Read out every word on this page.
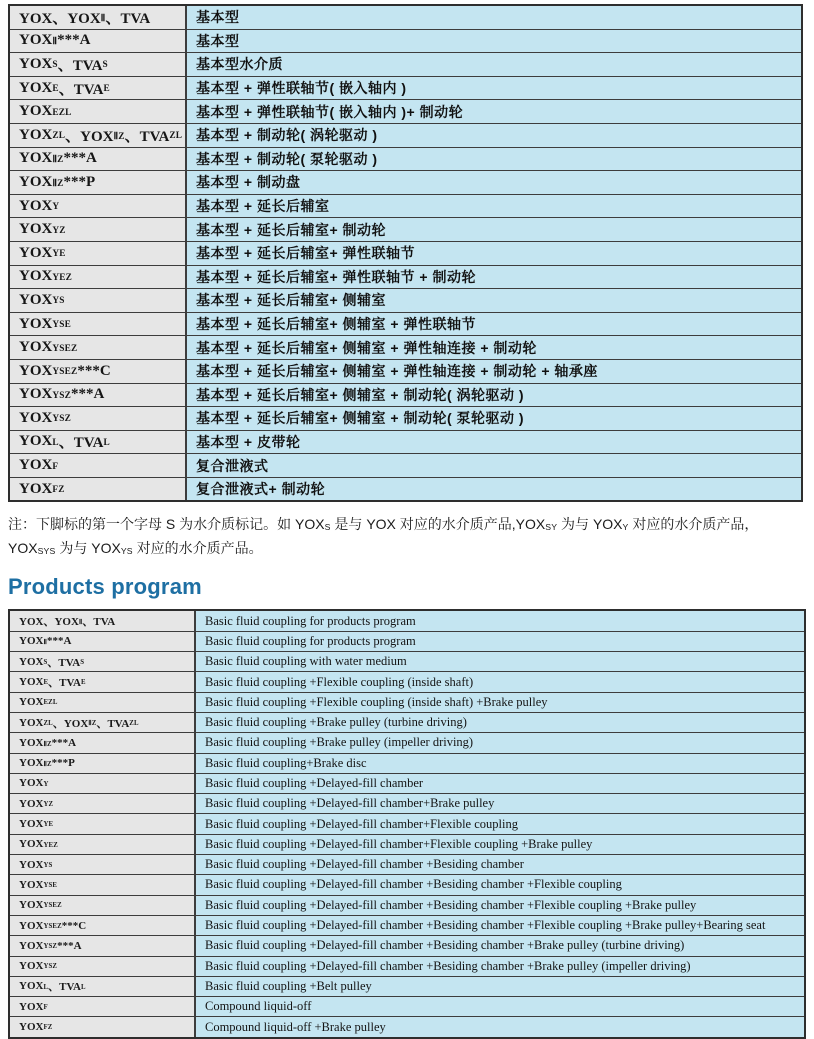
YOX、YOX Ⅱ 、TVA	基本型
YOX Ⅱ ***A	基本型
YOX S 、TVA S	基本型水介质
YOX E 、TVA E	基本型 + 弹性联轴节( 嵌入轴内 )
YOX EZL	基本型 + 弹性联轴节( 嵌入轴内 )+ 制动轮
YOX ZL 、YOX ⅡZ 、TVA ZL 基本型 + 制动轮( 涡轮驱动 )
YOX ⅡZ ***A	基本型 + 制动轮( 泵轮驱动 )
YOX ⅡZ ***P	基本型 + 制动盘
YOX Y	基本型 + 延长后辅室
YOX YZ	基本型 + 延长后辅室+ 制动轮
YOX YE	基本型 + 延长后辅室+ 弹性联轴节
YOX YEZ	基本型 + 延长后辅室+ 弹性联轴节 + 制动轮
YOX YS	基本型 + 延长后辅室+ 侧辅室
YOX YSE	基本型 + 延长后辅室+ 侧辅室 + 弹性联轴节
YOX YSEZ	基本型 + 延长后辅室+ 侧辅室 + 弹性轴连接 + 制动轮
YOX YSEZ ***C	基本型 + 延长后辅室+ 侧辅室 + 弹性轴连接 + 制动轮 + 轴承座
YOX YSZ ***A	基本型 + 延长后辅室+ 侧辅室 + 制动轮( 涡轮驱动 )
YOX YSZ	基本型 + 延长后辅室+ 侧辅室 + 制动轮( 泵轮驱动 )
YOX L 、TVA L	基本型 + 皮带轮
YOX F	复合泄液式
YOX FZ	复合泄液式+ 制动轮

注：下脚标的第一个字母 S 为水介质标记。如 YOXS 是与 YOX 对应的水介质产品,YOXSY 为与 YOXY 对应的水介质产品，

YOXSYS 为与 YOXYS 对应的水介质产品。

Products program
YOX、YOX Ⅱ 、TVA	Basic fluid coupling for products program
YOX Ⅱ ***A	Basic fluid coupling for products program
YOX S 、TVA S	Basic fluid coupling with water medium
YOX E 、TVA E	Basic fluid coupling +Flexible coupling (inside shaft)
YOX EZL	Basic fluid coupling +Flexible coupling (inside shaft) +Brake pulley
YOX ZL 、YOX ⅡZ 、TVA ZL	Basic fluid coupling +Brake pulley (turbine driving)
YOX ⅡZ ***A	Basic fluid coupling +Brake pulley (impeller driving)
YOX ⅡZ ***P	Basic fluid coupling+Brake disc
YOX Y	Basic fluid coupling +Delayed-fill chamber
YOX YZ	Basic fluid coupling +Delayed-fill chamber+Brake pulley
YOX YE	Basic fluid coupling +Delayed-fill chamber+Flexible coupling
YOX YEZ	Basic fluid coupling +Delayed-fill chamber+Flexible coupling +Brake pulley
YOX YS	Basic fluid coupling +Delayed-fill chamber +Besiding chamber
YOX YSE	Basic fluid coupling +Delayed-fill chamber +Besiding chamber +Flexible coupling
YOX YSEZ	Basic fluid coupling +Delayed-fill chamber +Besiding chamber +Flexible coupling +Brake pulley
YOX YSEZ ***C	Basic fluid coupling +Delayed-fill chamber +Besiding chamber +Flexible coupling +Brake pulley+Bearing seat
YOX YSZ ***A	Basic fluid coupling +Delayed-fill chamber +Besiding chamber +Brake pulley (turbine driving)
YOX YSZ	Basic fluid coupling +Delayed-fill chamber +Besiding chamber +Brake pulley (impeller driving)
YOX L 、TVA L	Basic fluid coupling +Belt pulley
YOX F	Compound liquid-off
YOX FZ	Compound liquid-off +Brake pulley
